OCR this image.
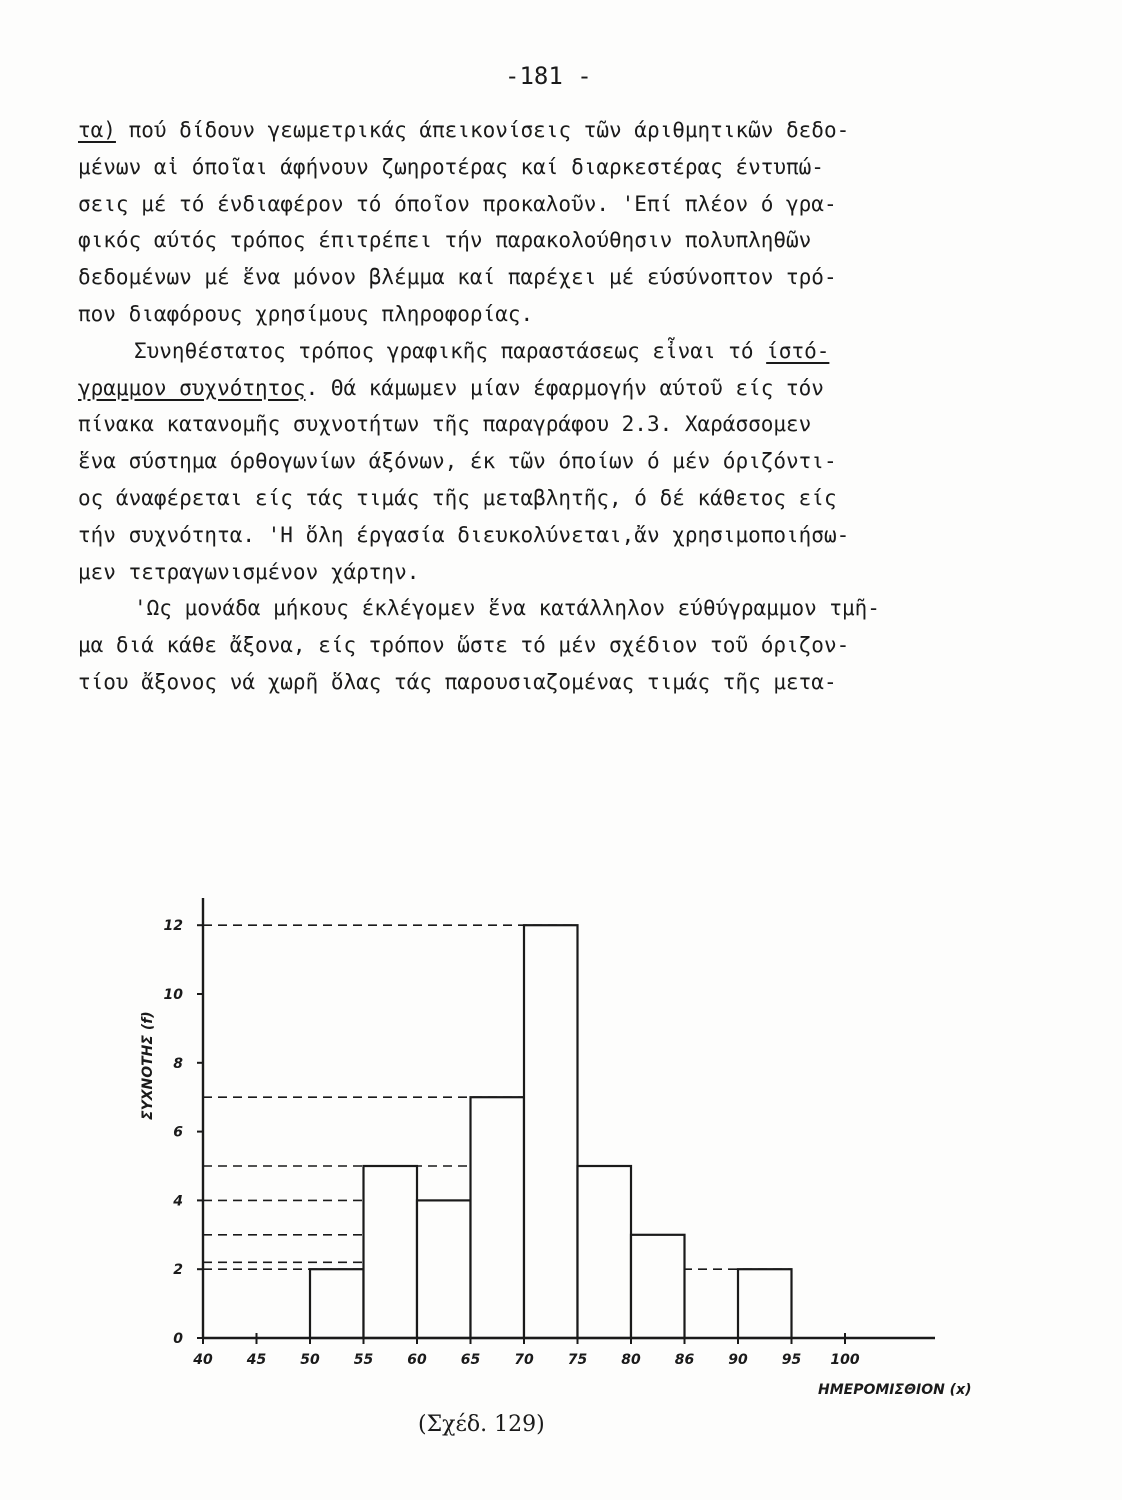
-181 -
τα) πού δίδουν γεωμετρικάς άπεικονίσεις τῶν άριθμητικῶν δεδο-
μένων αἱ όποῖαι άφήνουν ζωηροτέρας καί διαρκεστέρας έντυπώ-
σεις μέ τό ένδιαφέρον τό όποῖον προκαλοῦν. 'Επί πλέον ό γρα-
φικός αύτός τρόπος έπιτρέπει τήν παρακολούθησιν πολυπληθῶν
δεδομένων μέ ἕνα μόνον βλέμμα καί παρέχει μέ εύσύνοπτον τρό-
πον διαφόρους χρησίμους πληροφορίας.
Συνηθέστατος τρόπος γραφικῆς παραστάσεως εἶναι τό ίστό-
γραμμον συχνότητος. Θά κάμωμεν μίαν έφαρμογήν αύτοῦ είς τόν
πίνακα κατανομῆς συχνοτήτων τῆς παραγράφου 2.3. Χαράσσομεν
ἕνα σύστημα όρθογωνίων άξόνων, έκ τῶν όποίων ό μέν όριζόντι-
ος άναφέρεται είς τάς τιμάς τῆς μεταβλητῆς, ό δέ κάθετος είς
τήν συχνότητα. 'Η ὅλη έργασία διευκολύνεται,ἄν χρησιμοποιήσω-
μεν τετραγωνισμένον χάρτην.
'Ως μονάδα μήκους έκλέγομεν ἕνα κατάλληλον εύθύγραμμον τμῆ-
μα διά κάθε ἄξονα, είς τρόπον ὥστε τό μέν σχέδιον τοῦ όριζον-
τίου ἄξονος νά χωρῆ ὅλας τάς παρουσιαζομένας τιμάς τῆς μετα-
40 45 50 55 60 65 70 75 80 86 90 95 100
0
2
4
6
8
10
12
ΣΥΧΝΟΤΗΣ (f)
ΗΜΕΡΟΜΙΣΘΙΟΝ (x)
(Σχέδ. 129)
